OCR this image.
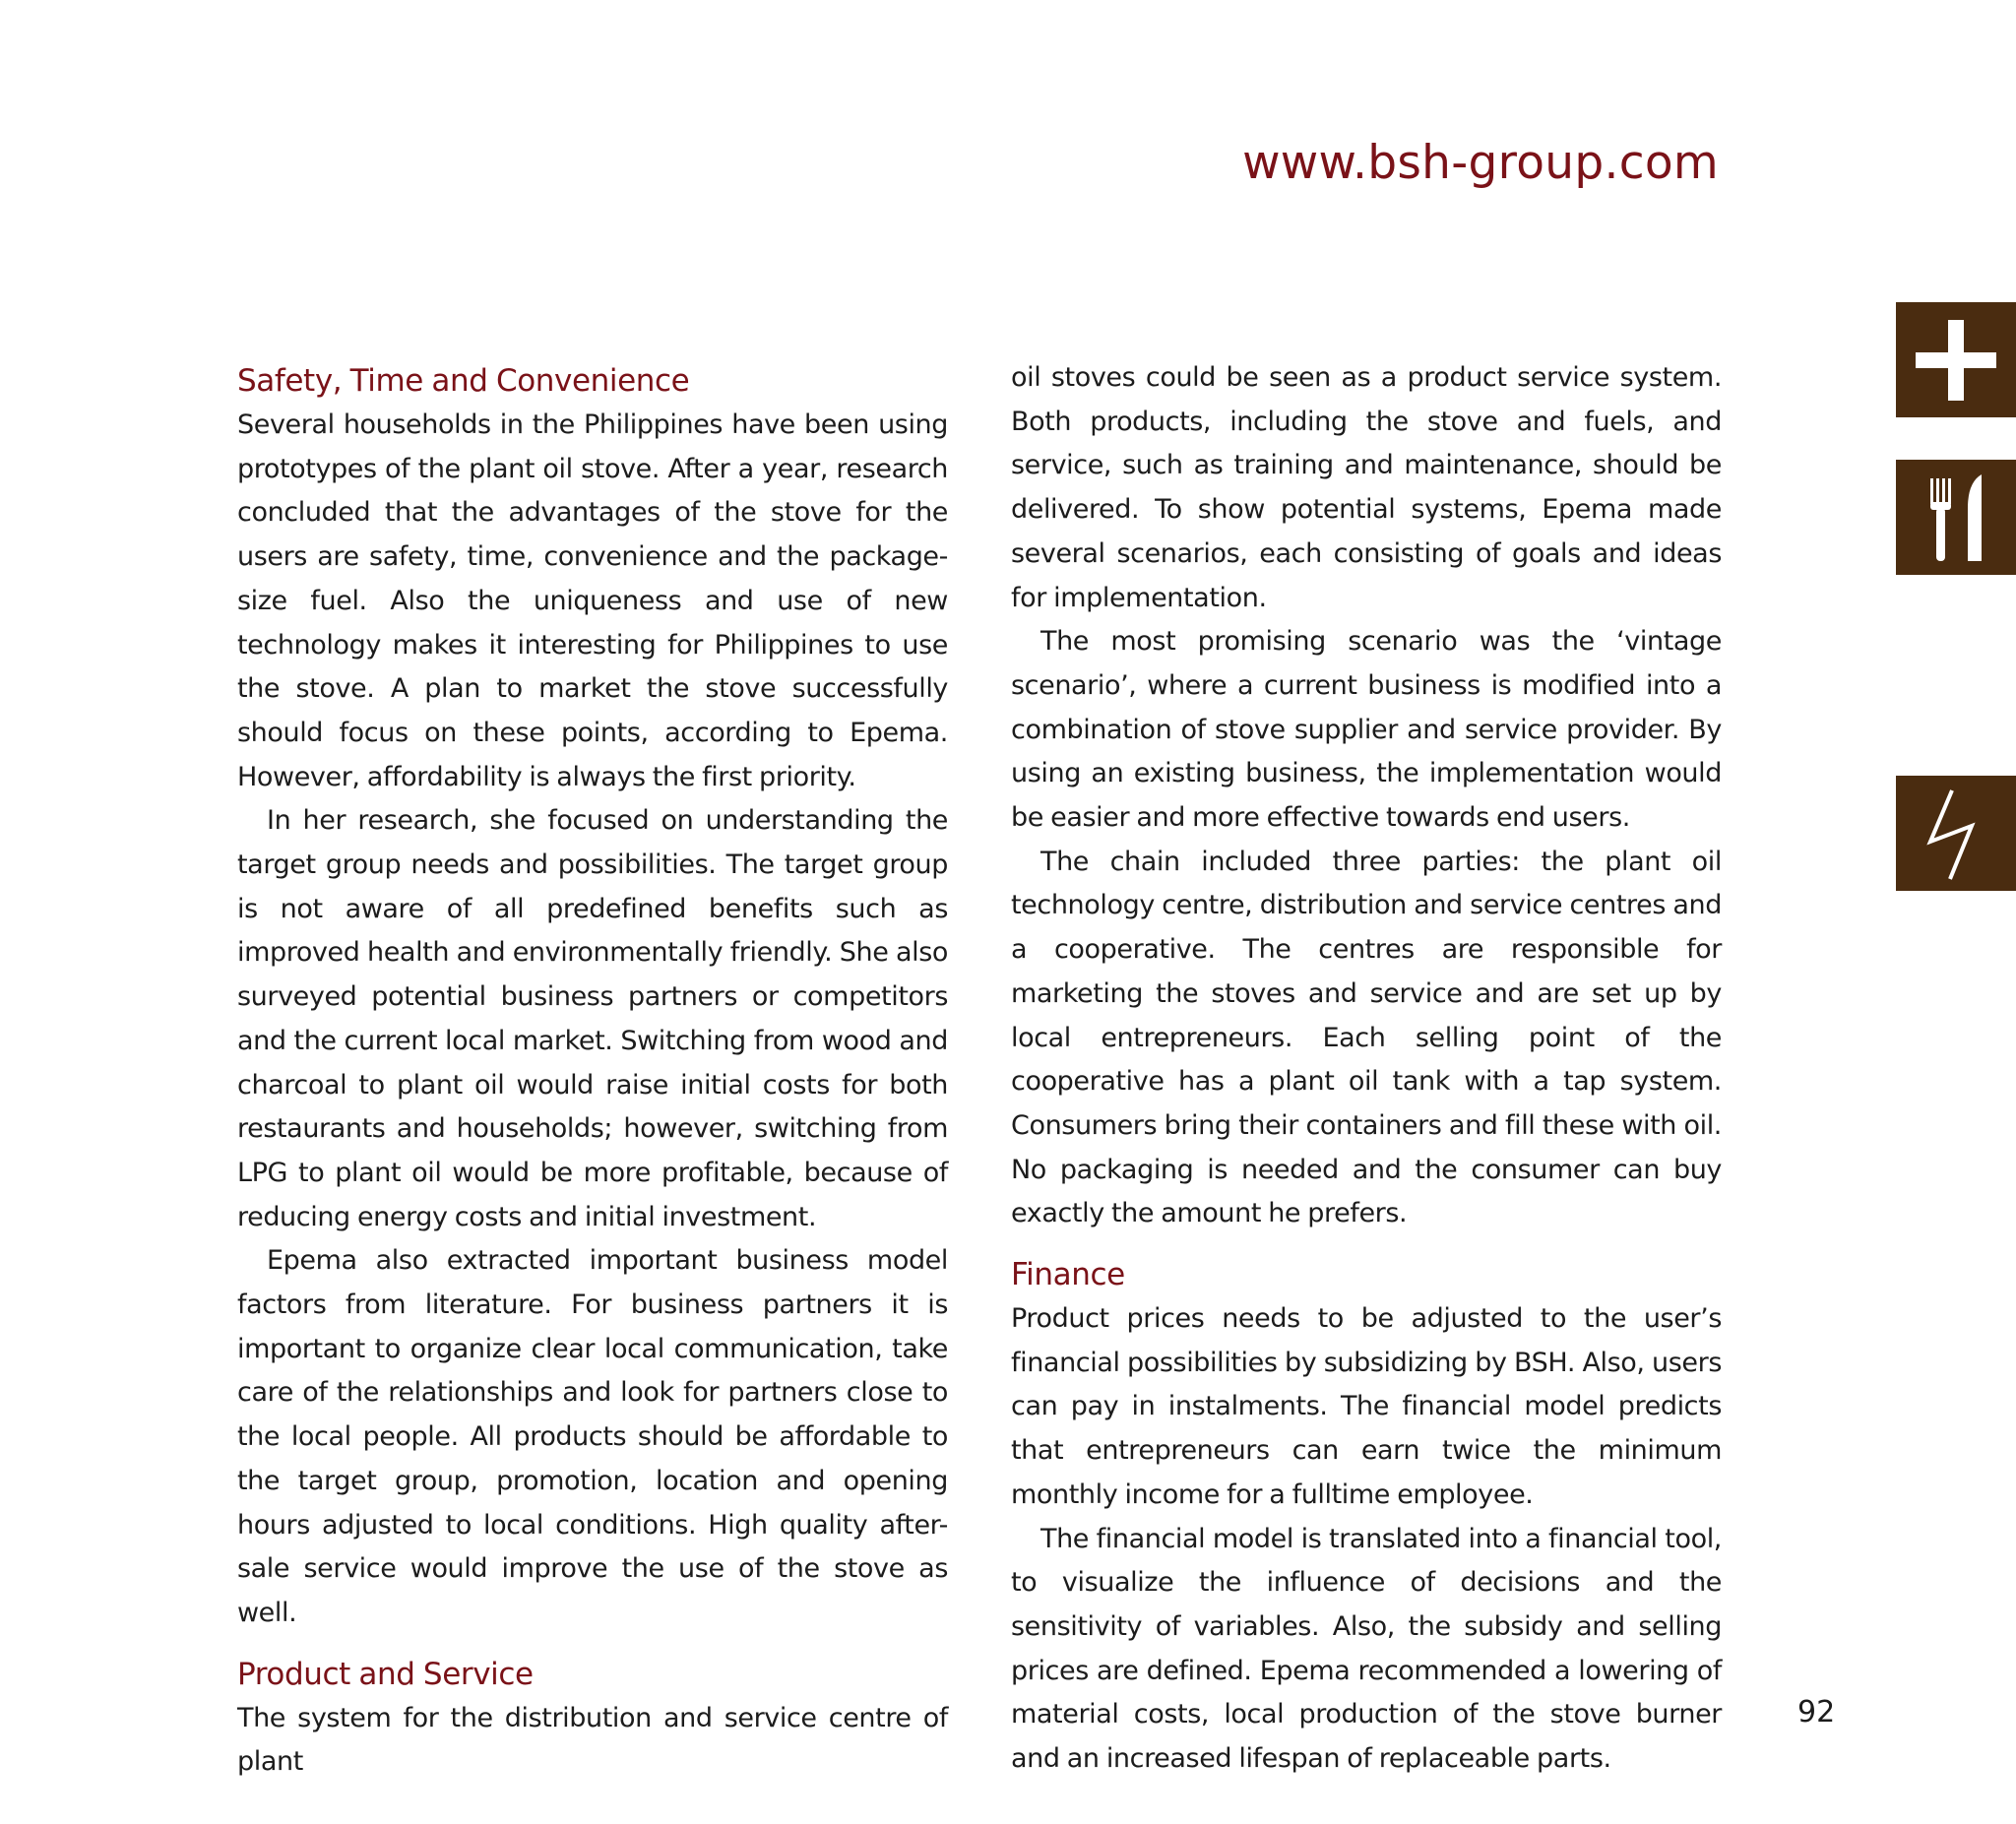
www.bsh-group.com
Safety, Time and Convenience

Several households in the Philippines have been using prototypes of the plant oil stove. After a year, research concluded that the advantages of the stove for the users are safety, time, convenience and the package-size fuel. Also the uniqueness and use of new technology makes it interesting for Philippines to use the stove. A plan to market the stove successfully should focus on these points, according to Epema. However, affordability is always the first priority.

In her research, she focused on understanding the target group needs and possibilities. The target group is not aware of all predefined benefits such as improved health and environmentally friendly. She also surveyed potential business partners or competitors and the current local market. Switching from wood and charcoal to plant oil would raise initial costs for both restaurants and households; however, switching from LPG to plant oil would be more profitable, because of reducing energy costs and initial investment.

Epema also extracted important business model factors from literature. For business partners it is important to organize clear local communication, take care of the relationships and look for partners close to the local people. All products should be affordable to the target group, promotion, location and opening hours adjusted to local conditions. High quality after-sale service would improve the use of the stove as well.

Product and Service

The system for the distribution and service centre of plant

oil stoves could be seen as a product service system. Both products, including the stove and fuels, and service, such as training and maintenance, should be delivered. To show potential systems, Epema made several scenarios, each consisting of goals and ideas for implementation.

The most promising scenario was the ‘vintage scenario’, where a current business is modified into a combination of stove supplier and service provider. By using an existing business, the implementation would be easier and more effective towards end users.

The chain included three parties: the plant oil technology centre, distribution and service centres and a cooperative. The centres are responsible for marketing the stoves and service and are set up by local entrepreneurs. Each selling point of the cooperative has a plant oil tank with a tap system. Consumers bring their containers and fill these with oil. No packaging is needed and the consumer can buy exactly the amount he prefers.

Finance

Product prices needs to be adjusted to the user’s financial possibilities by subsidizing by BSH. Also, users can pay in instalments. The financial model predicts that entrepreneurs can earn twice the minimum monthly income for a fulltime employee.

The financial model is translated into a financial tool, to visualize the influence of decisions and the sensitivity of variables. Also, the subsidy and selling prices are defined. Epema recommended a lowering of material costs, local production of the stove burner and an increased lifespan of replaceable parts.

92
